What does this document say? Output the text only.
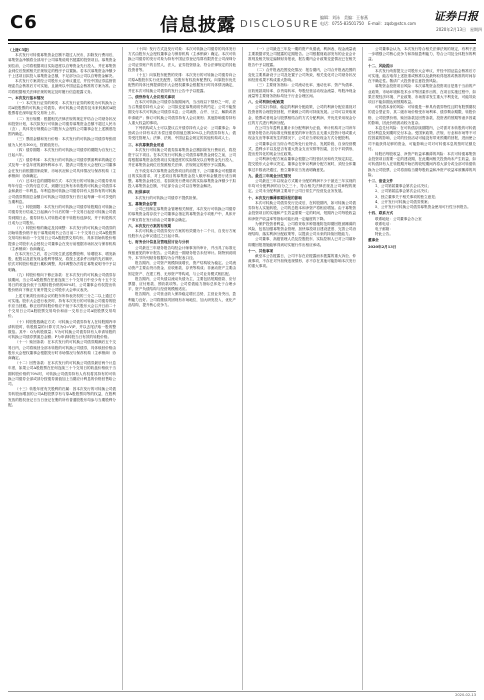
C6	信息披露 DISCLOSURE
编辑：刘泳　美编：王春燕
电话：0755-83501750　E-mail：zqsb@stcn.com
证券日报
2020年2月13日　星期四

（上接C5版）

本次发行可转债募集资金总额不超过人民币，扣除发行费用后，募集资金净额将全部用于公司募集说明书披露的投资项目。募集资金到位前，公司将根据项目实际进度以自筹资金先行投入，并在募集资金到位后按照相关法规规定的程序予以置换。若本次募集资金净额少于上述项目拟投入募集资金总额，不足部分由公司以自筹资金解决。

本次发行方案须经公司股东大会审议通过，并经中国证券监督管理委员会核准后方可实施，且最终以中国证监会核准的方案为准。公司将根据相关法律法规的规定及时履行信息披露义务。

一、本次发行基本情况

（一）本次发行证券的种类：本次发行证券的种类为可转换为公司A股股票的可转换公司债券。该可转换公司债券及未来转换的A股股票将在深圳证券交易所上市。

（二）发行规模：根据相关法律法规的规定并结合公司财务状况和投资计划，本次拟发行可转换公司债券募集资金总额不超过人民币（含），具体发行规模由公司股东大会授权公司董事会在上述额度范围内确定。

（三）票面金额和发行价格：本次发行的可转换公司债券每张面值为人民币100元，按面值发行。

（四）债券期限：本次发行的可转换公司债券的期限为自发行之日起六年。

（五）债券利率：本次发行的可转换公司债券票面利率的确定方式及每一计息年度的最终利率水平，提请公司股东大会授权公司董事会在发行前根据国家政策、市场状况和公司具体情况与保荐机构（主承销商）协商确定。

（六）还本付息的期限和方式：本次发行的可转换公司债券采用每年付息一次的付息方式，到期归还所有未转股的可转换公司债券本金和最后一年利息。年利息指可转换公司债券持有人按持有的可转换公司债券票面总金额自可转换公司债券发行首日起每满一年可享受的当期利息。

（七）转股期限：本次发行的可转换公司债券转股期自可转换公司债券发行结束之日起满六个月后的第一个交易日起至可转换公司债券到期日止。债券持有人对转股或者不转股有选择权，并于转股的次日成为公司股东。

（八）转股价格的确定及其调整：本次发行的可转换公司债券的初始转股价格不低于募集说明书公告日前二十个交易日公司A股股票交易均价和前一个交易日公司A股股票交易均价，具体初始转股价格提请公司股东大会授权公司董事会在发行前根据市场状况与保荐机构（主承销商）协商确定。

在本次发行之后，若公司发生派送股票股利、转增股本、增发新股、配股以及派发现金股利等情况，将按上述条件出现的先后顺序，依次对转股价格进行累积调整，具体调整办法将在募集说明书中予以明确。

（九）转股价格向下修正条款：在本次发行的可转换公司债券存续期间，当公司A股股票在任意连续三十个交易日中至少有十五个交易日的收盘价低于当期转股价格的85%时，公司董事会有权提出转股价格向下修正方案并提交公司股东大会审议表决。

上述方案须经出席会议的股东所持表决权的三分之二以上通过方可实施。股东大会进行表决时，持有本次发行的可转换公司债券的股东应当回避。修正后的转股价格应不低于本次股东大会召开日前二十个交易日公司A股股票交易均价和前一交易日公司A股股票交易均价。

（十）转股股数确定方式：可转换公司债券持有人在转股期内申请转股时，转股数量的计算方式为Q=V/P，并以去尾法取一股的整数倍。其中：Q为转股数量；V为可转换公司债券持有人申请转股的可转换公司债券票面总金额；P为申请转股当日有效的转股价格。

（十一）赎回条款：在本次发行的可转换公司债券期满后五个交易日内，公司将赎回全部未转股的可转换公司债券，具体赎回价格由股东大会授权董事会根据发行时市场情况与保荐机构（主承销商）协商确定。

（十二）回售条款：在本次发行的可转换公司债券最后两个计息年度，如果公司A股股票在任何连续三十个交易日的收盘价格低于当期转股价格的70%时，可转换公司债券持有人有权将其持有的可转换公司债券全部或部分按债券面值加上当期应计利息的价格回售给公司。

（十三）转股年度有关股利的归属：因本次发行的可转换公司债券转股而增加的公司A股股票享有与原A股股票同等的权益，在股利发放的股权登记日当日登记在册的所有普通股股东均参与当期股利分配。

（十四）发行方式及发行对象：本次可转换公司债券的具体发行方式由股东大会授权董事会与保荐机构（主承销商）确定。本次可转换公司债券的发行对象为持有中国证券登记结算有限责任公司深圳分公司证券账户的自然人、法人、证券投资基金、符合法律规定的其他投资者等。

（十五）向原股东配售的安排：本次发行的可转换公司债券向公司原A股股东实行优先配售，原股东有权放弃配售权。向原股东优先配售的具体比例提请股东大会授权董事会根据发行时具体情况确定，并在本次可转换公司债券的发行公告中予以披露。

二、债券持有人会议相关事项

在本次可转换公司债券存续期间内，当出现以下情形之一时，应当召集债券持有人会议：公司拟变更募集说明书的约定；公司不能按期支付本次可转换公司债券本息；公司减资、合并、分立、解散或者申请破产；修订可转换公司债券持有人会议规则；其他影响债券持有人重大权益的事项。

下列机构或人士可以提议召开债券持有人会议：公司董事会；单独或合计持有本次未偿还债券面值总额10%以上的债券持有人；债券受托管理人；法律、法规、中国证监会规定的其他机构或人士。

三、本次募集资金用途

本次发行可转换公司债券拟募集资金总额扣除发行费用后，将投资于以下项目。在本次发行可转换公司债券募集资金到位之前，公司将根据募集资金投资项目实施进度的实际情况以自筹资金先行投入，并在募集资金到位后按照相关法律、法规规定的程序予以置换。

在不改变本次募集资金投资项目的前提下，公司董事会可根据项目的实际需求，对上述项目的募集资金投入顺序和金额进行适当调整。募集资金到位后，若扣除发行费用后的实际募集资金净额少于拟投入募集资金总额，不足部分由公司以自筹资金解决。

四、担保事项

本次发行的可转换公司债券不提供担保。

五、募集资金存管

公司已经制定募集资金管理相关制度，本次发行可转换公司债券的募集资金将存放于公司董事会指定的募集资金专项账户中，具体开户事宜将在发行前由公司董事会确定。

六、本次发行方案的有效期

本次可转换公司债券发行方案的有效期为十二个月，自发行方案经股东大会审议通过之日起计算。

七、财务会计信息及管理层讨论与分析

公司最近三年财务报告均经会计师事务所审计，并出具了标准无保留意见的审计报告。公司最近一期财务报告未经审计。除特别说明外，本节所列财务数据均为合并报表口径。

报告期内，公司资产规模持续增长，资产结构较为稳定。公司流动资产主要由货币资金、应收账款、存货等构成；非流动资产主要由固定资产、在建工程、无形资产等构成，与公司业务模式相匹配。

报告期内，公司负债以流动负债为主，主要包括短期借款、应付票据、应付账款、预收款项等。公司偿债能力指标总体处于合理水平，资产负债结构与经营规模相适应。

报告期内，公司营业收入保持稳定增长态势，主营业务突出，盈利能力良好。公司将继续巩固现有市场地位，加大研发投入，优化产品结构，提升核心竞争力。

（一）公司最近三年及一期的资产负债表、利润表、现金流量表主要数据详见公司披露的定期报告。公司根据财政部发布的企业会计准则及相关规定编制财务报表，报告期内会计政策变更情况已在相关报告中予以披露。

（二）合并报表范围变化情况：报告期内，公司合并报表范围的变化主要系新设子公司及处置子公司所致，相关变化对公司财务状况和经营成果不构成重大影响。

（三）主要财务指标：公司流动比率、速动比率、资产负债率、应收账款周转率、存货周转率、每股经营活动现金流量、每股净现金流量等主要财务指标均处于行业合理区间。

八、公司利润分配政策

公司实行持续、稳定的利润分配政策，公司的利润分配应重视对投资者的合理投资回报，并兼顾公司的可持续发展。公司可以采取现金、股票或者现金与股票相结合的方式分配利润，并优先采用现金分红的方式进行利润分配。

在公司当年盈利且累计未分配利润为正值、审计机构对公司该年度财务报告出具标准无保留意见的审计报告且无重大投资计划或重大现金支出等事项发生的情况下，公司应当采取现金方式分配股利。

公司董事会应当综合考虑所处行业特点、发展阶段、自身经营模式、盈利水平以及是否有重大资金支出安排等因素，区分不同情形，提出差异化的现金分红政策。

公司利润分配方案由董事会根据公司经营状况和有关规定拟定，提交股东大会审议决定。董事会在审议利润分配方案时，须经全体董事过半数表决通过，独立董事应当发表明确意见。

九、最近三年现金分红情况

公司最近三年以现金方式累计分配的利润不少于最近三年实现的年均可分配利润的百分之三十，符合相关法律法规及公司章程的规定。公司未分配利润主要用于公司日常生产经营及业务发展。

十、本次发行摊薄即期回报的影响

本次可转换公司债券发行完成后，在转股期内，如可转换公司债券持有人实施转股，公司的总股本和净资产将相应增加。由于募集资金投资项目的实施和产生效益需要一定的时间，短期内公司每股收益和净资产收益率等指标可能出现一定幅度的下降。

为保护投资者利益，公司将采取多种措施防范即期回报被摊薄的风险，包括加强募集资金管理、加快募投项目建设进度、完善公司治理结构、落实利润分配政策等，以提高公司未来的持续回报能力。

公司董事、高级管理人员及控股股东、实际控制人已对公司填补即期回报措施能够得到切实履行作出相应承诺。

十一、其他事项

截至本公告披露日，公司不存在应披露而未披露的重大诉讼、仲裁事项，不存在对外担保违规情形，亦不存在其他可能影响本次发行的重大事项。

公司董事会认为，本次发行符合相关法律法规的规定，有利于进一步增强公司核心竞争力和持续盈利能力，符合公司及全体股东的利益。

十二、风险提示

本次发行尚需提交公司股东大会审议，并经中国证监会核准后方可实施，能否取得上述批准或核准以及最终取得批准或核准的时间存在不确定性。敬请广大投资者注意投资风险。

募集资金投资项目风险：本次募集资金投资项目是基于当前的产业政策、市场环境和技术水平等因素作出的，在项目实施过程中，如果宏观经济环境、产业政策、市场需求发生重大不利变化，可能导致项目不能如期达到预期收益。

可转债本身的风险：可转债是一种具有债券特性且附有股票期权的混合型证券，其二级市场价格受市场利率、债券剩余期限、转股价格、公司股票价格、赎回条款及回售条款、投资者的预期等诸多因素的影响，因此价格波动较为复杂。

本息兑付风险：在可转债存续期限内，公司需对未转股的可转债偿付利息及到期时兑付本金。受国家政策、法规、行业和市场等不可控因素的影响，公司的经营活动可能没有带来预期的回报，进而使公司不能获得足够的资金，可能影响公司对可转债本息的按时足额兑付。

转股后每股收益、净资产收益率摊薄的风险：本次可转债募集资金投资项目需要一定的建设期，在此期间相关投资尚未产生收益，如可转债持有人在转股期开始后的较短期间内将大部分或全部可转债转换为公司股票，公司将面临当期每股收益和净资产收益率被摊薄的风险。

十三、备查文件

1、公司第届董事会第次会议决议；

2、公司第届监事会第次会议决议；

3、独立董事关于相关事项的独立意见；

4、公开发行可转换公司债券预案；

5、公开发行可转换公司债券募集资金使用可行性分析报告。

十四、联系方式

联系地址：公司董事会办公室

联系电话：

电子邮箱：

特此公告。

董事会

2020年2月13日

2020-02-13
